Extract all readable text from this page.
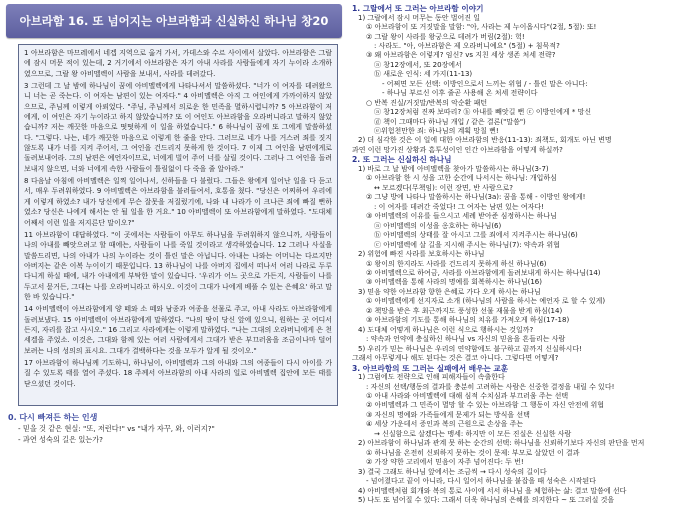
아브라함 16. 또 넘어지는 아브라함과 신실하신 하나님 창20

1 아브라함은 마므레에서 네겝 지역으로 옮겨 가서, 가데스와 수르 사이에서 살았다. 아브라함은 그랄에 잠시 머문 적이 있는데, 2 거기에서 아브라함은 자기 아내 사라를 사람들에게 자기 누이라 소개하였으므로, 그랄 왕 아비멜렉이 사람을 보내서, 사라를 데려갔다.

3 그런데 그 날 밤에 하나님이 꿈에 아비멜렉에게 나타나셔서 말씀하셨다. "너가 이 여자를 데려왔으니 너는 곧 죽는다. 이 여자는 남편이 있는 여자다." 4 아비멜렉은 아직 그 여인에게 가까이하지 않았으므로, 주님께 이렇게 아뢰었다. "주님, 주님께서 의로운 한 민족을 멸하시렵니까? 5 아브라함이 저에게, 이 여인은 자기 누이라고 하지 않았습니까? 또 이 여인도 아브라함을 오라버니라고 말하지 않았습니까? 저는 깨끗한 마음으로 떳떳하게 이 일을 하였습니다." 6 하나님이 꿈에 또 그에게 말씀하셨다. "그렇다. 나는, 네가 깨끗한 마음으로 이렇게 한 줄을 안다. 그러므로 네가 나를 거스려 죄를 짓지 않도록 내가 너를 지켜 주어서, 그 여인을 건드리지 못하게 한 것이다. 7 이제 그 여인을 남편에게로 돌려보내어라. 그의 남편은 예언자이므로, 너에게 빌어 주어 너를 살릴 것이다. 그러나 그 여인을 돌려보내지 않으면, 너와 너에게 속한 사람들이 틀림없이 다 죽을 줄 알아라."

8 다음날 아침에 아비멜렉은 일찍 일어나서, 신하들을 다 불렀다. 그들은 왕에게 일어난 일을 다 듣고서, 매우 두려워하였다. 9 아비멜렉은 아브라함을 불러들여서, 호통을 쳤다. "당신은 어찌하여 우리에게 이렇게 하였소? 내가 당신에게 무슨 잘못을 저질렀기에, 나와 내 나라가 이 크나큰 죄에 빠질 뻔하였소? 당신은 나에게 해서는 안 될 일을 한 거요." 10 아비멜렉이 또 아브라함에게 말하였다. "도대체 어째서 이런 일을 저지른단 말이오?"

11 아브라함이 대답하였다. "이 곳에서는 사람들이 아무도 하나님을 두려워하지 않으니까, 사람들이 나의 아내를 빼앗으려고 할 때에는, 사람들이 나를 죽일 것이라고 생각하였습니다. 12 그러나 사실을 말씀드리면, 나의 아내가 나의 누이라는 것이 틀린 말은 아닙니다. 아내는 나와는 어머니는 다르지만 아버지는 같은 이복 누이이기 때문입니다. 13 하나님이 나를 아버지 집에서 떠나서 여러 나라로 두루 다니게 하실 때에, 내가 아내에게 부탁한 말이 있습니다. '우리가 어느 곳으로 가든지, 사람들이 나를 두고서 묻거든, 그대는 나를 오라버니라고 하시오. 이것이 그대가 나에게 베풀 수 있는 은혜요' 하고 말한 바 있습니다."

14 아비멜렉이 아브라함에게 양 떼와 소 떼와 남종과 여종을 선물로 주고, 아내 사라도 아브라함에게 돌려보냈다. 15 아비멜렉이 아브라함에게 말하였다. "나의 땅이 당신 앞에 있으니, 원하는 곳 어디서든지, 자리를 잡고 사시오." 16 그리고 사라에게는 이렇게 말하였다. "나는 그대의 오라버니에게 은 천 세겔을 주었소. 이것은, 그대와 함께 있는 여러 사람에게서 그대가 받은 부끄러움을 조금이나마 덜어보려는 나의 성의의 표시요. 그대가 결백하다는 것을 모두가 알게 될 것이오."

17 아브라함이 하나님께 기도하니, 하나님이, 아비멜렉과 그의 아내와 그의 여종들이 다시 아이를 가질 수 있도록 태를 열어 주셨다. 18 주께서 아브라함의 아내 사라의 일로 아비멜렉 집안에 모든 태를 닫으셨던 것이다.

0. 다시 빠져든 하는 인생
- 믿을 것 같은 현실: "또, 저런다!" vs "내가 자꾸, 와, 이러지?"
- 과연 성숙의 길은 있는가?
1. 그랄에서 또 그러는 아브라함 이야기
1) 그랄에서 잠시 머무는 동안 벌어진 일
① 아브라함이 또 거짓말을 말함: "아, 사라는 제 누이옵시다"(2절, 5절): 또!
② 그랄 왕이 사라를 왕궁으로 데려가 버림(2절): 헉!
: 사라도. "아, 아브라함은 제 오라버니예요" (5절) + 침묵적?
③ 왜 아브라함은 이렇게? 임신? vs 지친 세상 생존 처세 전략?
ⓐ 창12장에서, 또 20장에서
ⓑ 새로운 인식: 세 가지(11-13)
- 어쩌면 모든 선택: 이방인으로서 느끼는 위협 / - 틀린 말은 아니다:
- 하나님 부르신 이후 줄곧 사용해 온 처세 전략이다
○ 반복 진실/거짓말/반복의 악순환 패턴
ⓐ 창12장처럼 진짜 보따리? ⓑ 아내를 빼앗길 뻔 ⓒ 이방인에게 * 망신
ⓓ 책이 그때마다 하나님 개입 / 같은 결론("말씀")
ⓔ위험천만한 죄: 하나님의 계획 망칠 뻔!
2) 더 심각한 것은 이 일에 대한 아브라함의 반응(11-13): 죄책도, 회개도 아닌 변명
과연 이런 망가진 상황과 흠투성이인 인간 아브라함을 어떻게 하실까?
2. 또 그러는 신실하신 하나님
1) 바로 그 날 밤에 아비멜렉을 찾아가 말씀하시는 하나님(3-7)
① 아브라함 한 시 성을 고한 순간에 나서시는 하나님: 개입하심
↔ 모르겠다(무책임): 이런 장면, 반 사람으로?
② 그냥 방에 나타나 말씀하시는 하나님(3a): 꿈을 통해 - 이방인 왕에게!
: 이 여자를 데려간 죽었다! 그 여자는 남편 있는 여자다!
③ 아비멜렉의 이유를 들으시고 세례 받아준 심정하시는 하나님
ⓐ 아비멜렉의 이성을 옹호하는 하나님(6)
ⓑ 아비멜렉의 상태를 잘 아시고 그를 죄에서 지켜주시는 하나님(6)
ⓒ 아비멜렉에 살 길을 지시해 주시는 하나님(7): 약속과 위협
2) 위험에 빠진 사라를 보호하시는 하나님
① 왕이의 한지라도 사라를 건드리지 못하게 하신 하나님(6)
② 아비멜렉으로 하여금, 사라를 아브라함에게 돌려보내게 하시는 하나님(14)
③ 아비멜렉을 통해 사라의 명예를 회복하시는 하나님(16)
3) 믿음 약한 아브라함 향한 은혜로 가다 오게 하시는 하나님
① 아비멜렉에게 선지자로 소개 (하나님의 사람을 하시는 예언자 로 할 수 있게)
② 책망을 받은 후 최근까지도 풍성한 선물 재물을 받게 하심(14)
③ 아브라함의 기도를 통해 하나님의 치유를 가져오게 하심(17-18)
4) 도대체 어떻게 하나님은 이런 식으로 행하시는 것일까?
: 약속과 언약에 충실하신 하나님 vs 자신의 믿음을 흔들리는 사람
5) 우리가 믿는 하나님은 우리의 연약함에도 불구하고 끝까지 신실하시다!
그래서 아무렇게나 해도 된다는 것은 결코 아니다. 그렇다면 어떻게?
3. 아브라함의 또 그러는 실패에서 배우는 교훈
1) 그럼에도 전략으로 인해 피해자들이 속출한다
: 자신의 선택/행동의 결과를 충분히 고려하는 사람은 신중한 결정을 내릴 수 있다!
① 아내 사라와 아비멜렉에 대해 심적 수치심과 부끄러움 주는 선택
② 아비멜렉과 그 민족이 멸망 할 수 있는 아브라함 그 행동이 자신 안전에 위협
③ 자신의 명예와 가족들에게 문제가 되는 방식을 선택
④ 세상 가운데서 증인과 복의 근원으로 손상을 주는
→ 신실함으로 살겠다는 맹세: 하지만 이 모든 진실은 신실한 사람
2) 아브라함이 하나님과 관계 못 하는 순간의 선택: 하나님을 신뢰하기보다 자신의 판단을 먼저
① 하나님을 온전히 신뢰하지 못하는 것이 문제: 부모로 살았던 이 결과
② 가장 약한 고리에서 믿음이 자주 넘어진다: 두 번!
3) 결국 그래도 하나님 앞에서는 조금씩 → 다시 성숙의 길이다
- 넘어졌다고 끝이 아니라, 다시 일어서 하나님을 붙잡을 때 성숙은 시작된다
4) 아비멜렉처럼 회개와 복의 통로 사이에 서서 하나님 을 체험하는 삶: 결코 말씀에 선다
5) 나도 또 넘어질 수 있다: 그래서 더욱 하나님의 은혜를 의지한다 ~ 또 그러실 것을
